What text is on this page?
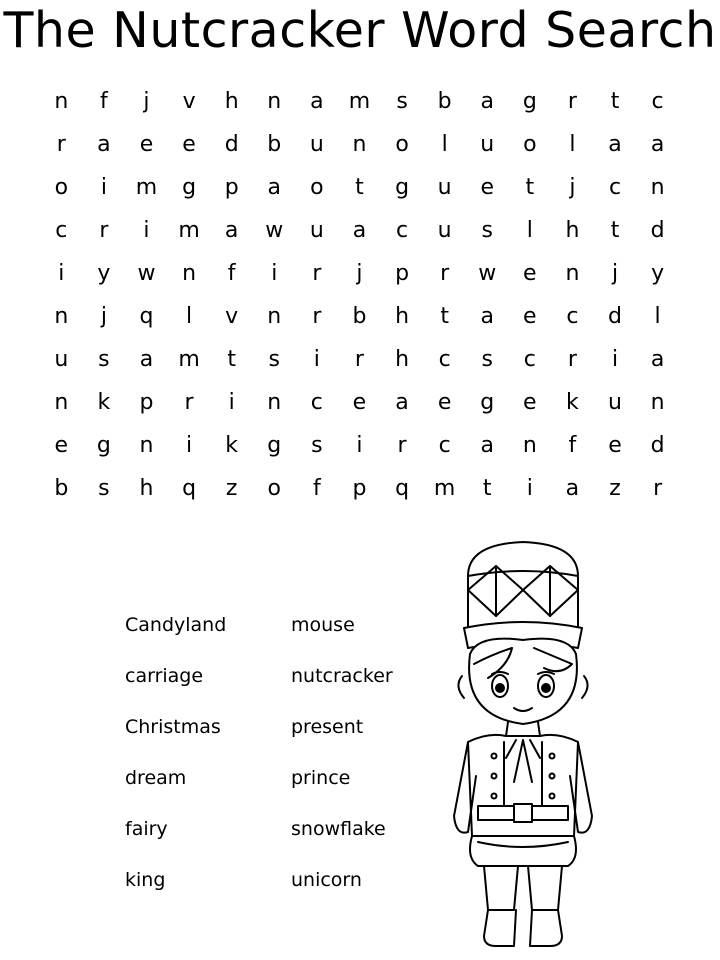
The Nutcracker Word Search
n	f	j	v	h	n	a	m	s	b	a	g	r	t	c
r	a	e	e	d	b	u	n	o	l	u	o	l	a	a
o	i	m	g	p	a	o	t	g	u	e	t	j	c	n
c	r	i	m	a	w	u	a	c	u	s	l	h	t	d
i	y	w	n	f	i	r	j	p	r	w	e	n	j	y
n	j	q	l	v	n	r	b	h	t	a	e	c	d	l
u	s	a	m	t	s	i	r	h	c	s	c	r	i	a
n	k	p	r	i	n	c	e	a	e	g	e	k	u	n
e	g	n	i	k	g	s	i	r	c	a	n	f	e	d
b	s	h	q	z	o	f	p	q	m	t	i	a	z	r
Candyland
carriage
Christmas
dream
fairy
king
mouse
nutcracker
present
prince
snowflake
unicorn
